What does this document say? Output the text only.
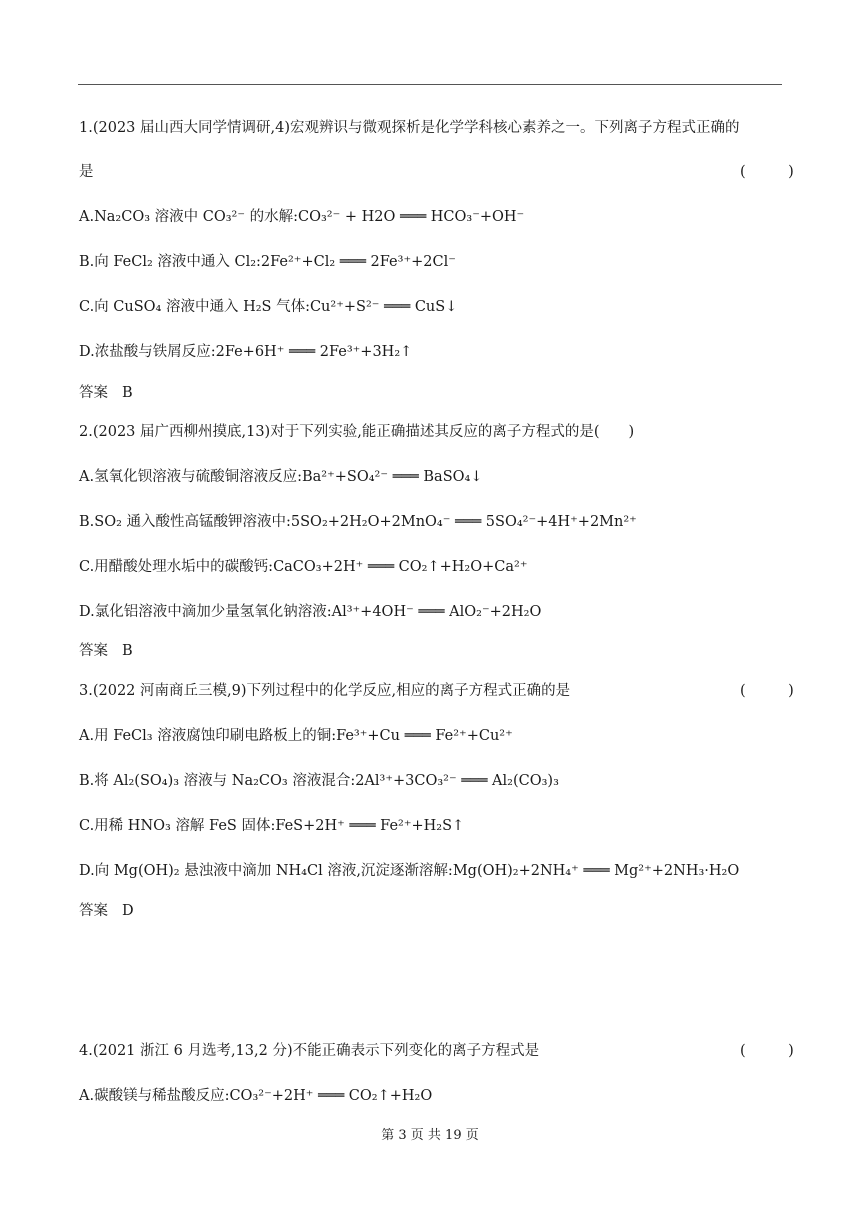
1.(2023 届山西大同学情调研,4)宏观辨识与微观探析是化学学科核心素养之一。下列离子方程式正确的
是	(　)
A.Na₂CO₃ 溶液中 CO₃²⁻ 的水解:CO₃²⁻ + H2O ═══ HCO₃⁻+OH⁻
B.向 FeCl₂ 溶液中通入 Cl₂:2Fe²⁺+Cl₂ ═══ 2Fe³⁺+2Cl⁻
C.向 CuSO₄ 溶液中通入 H₂S 气体:Cu²⁺+S²⁻ ═══ CuS↓
D.浓盐酸与铁屑反应:2Fe+6H⁺ ═══ 2Fe³⁺+3H₂↑
答案 B
2.(2023 届广西柳州摸底,13)对于下列实验,能正确描述其反应的离子方程式的是(　　)
A.氢氧化钡溶液与硫酸铜溶液反应:Ba²⁺+SO₄²⁻ ═══ BaSO₄↓
B.SO₂ 通入酸性高锰酸钾溶液中:5SO₂+2H₂O+2MnO₄⁻ ═══ 5SO₄²⁻+4H⁺+2Mn²⁺
C.用醋酸处理水垢中的碳酸钙:CaCO₃+2H⁺ ═══ CO₂↑+H₂O+Ca²⁺
D.氯化铝溶液中滴加少量氢氧化钠溶液:Al³⁺+4OH⁻ ═══ AlO₂⁻+2H₂O
答案 B
3.(2022 河南商丘三模,9)下列过程中的化学反应,相应的离子方程式正确的是	(　)
A.用 FeCl₃ 溶液腐蚀印刷电路板上的铜:Fe³⁺+Cu ═══ Fe²⁺+Cu²⁺
B.将 Al₂(SO₄)₃ 溶液与 Na₂CO₃ 溶液混合:2Al³⁺+3CO₃²⁻ ═══ Al₂(CO₃)₃
C.用稀 HNO₃ 溶解 FeS 固体:FeS+2H⁺ ═══ Fe²⁺+H₂S↑
D.向 Mg(OH)₂ 悬浊液中滴加 NH₄Cl 溶液,沉淀逐渐溶解:Mg(OH)₂+2NH₄⁺ ═══ Mg²⁺+2NH₃·H₂O
答案 D
4.(2021 浙江 6 月选考,13,2 分)不能正确表示下列变化的离子方程式是	(　)
A.碳酸镁与稀盐酸反应:CO₃²⁻+2H⁺ ═══ CO₂↑+H₂O
第 3 页 共 19 页
